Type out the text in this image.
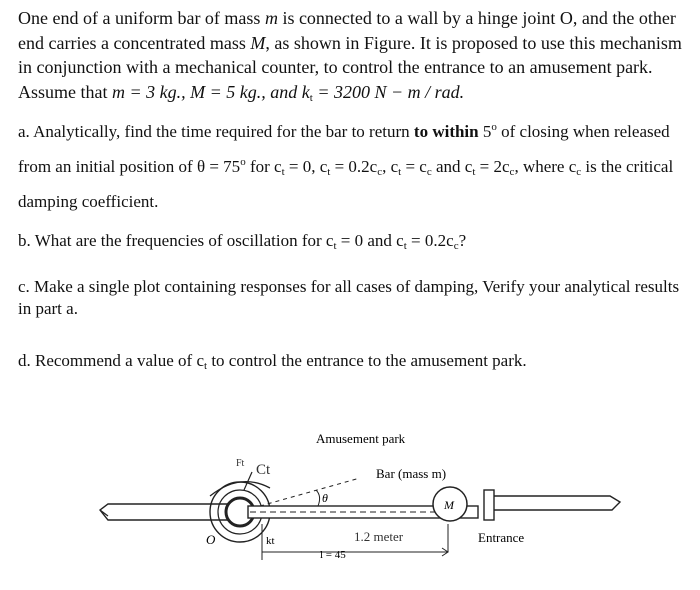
One end of a uniform bar of mass m is connected to a wall by a hinge joint O, and the other end carries a concentrated mass M, as shown in Figure. It is proposed to use this mechanism in conjunction with a mechanical counter, to control the entrance to an amusement park. Assume that m = 3 kg., M = 5 kg., and $k_t = 3200$ N − m / rad.

a. Analytically, find the time required for the bar to return to within 5$^o$ of closing when released from an initial position of $\theta = 75^o$ for $c_t = 0$, $c_t = 0.2c_c$, $c_t = c_c$ and $c_t = 2c_c$, where $c_c$ is the critical damping coefficient.

b. What are the frequencies of oscillation for $c_t = 0$ and $c_t = 0.2c_c$?

c. Make a single plot containing responses for all cases of damping, Verify your analytical results in part a.

d. Recommend a value of $c_t$ to control the entrance to the amusement park.

Amusement park
Bar (mass m)
M
1.2 meter
l = 45
Entrance
O	kt
θ
Ct
Ft
